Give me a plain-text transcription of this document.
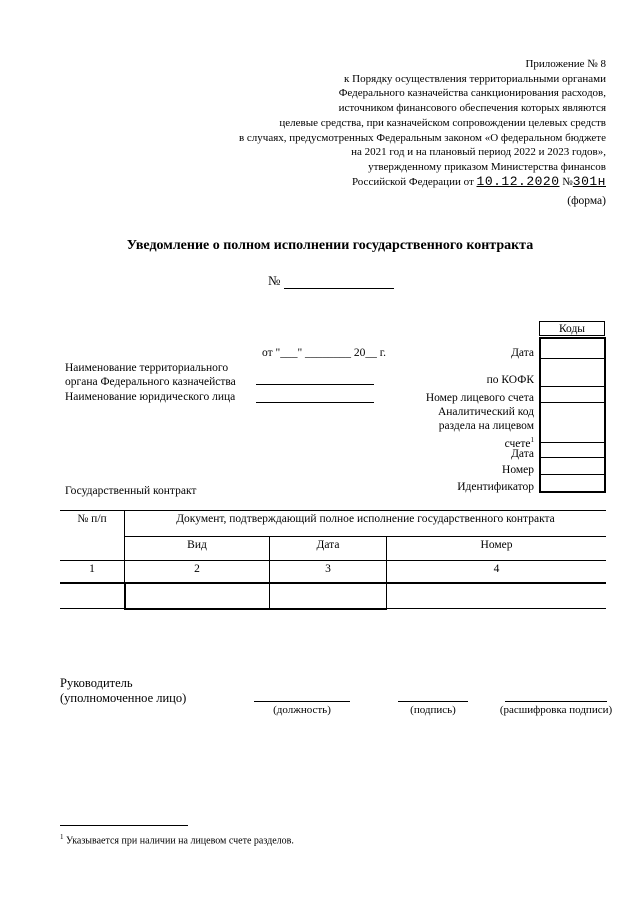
Приложение № 8
к Порядку осуществления территориальными органами
Федерального казначейства санкционирования расходов,
источником финансового обеспечения которых являются
целевые средства, при казначейском сопровождении целевых средств
в случаях, предусмотренных Федеральным законом «О федеральном бюджете
на 2021 год и на плановый период 2022 и 2023 годов»,
утвержденному приказом Министерства финансов
Российской Федерации от 10.12.2020 №301н
(форма)
Уведомление о полном исполнении государственного контракта
№
Коды
от "___" ________ 20__ г.	Дата
по КОФК
Номер лицевого счета
Аналитический код
раздела на лицевом
счете$^1$
Дата
Номер
Идентификатор
Наименование территориального
органа Федерального казначейства
Наименование юридического лица
Государственный контракт
№ п/п	Документ, подтверждающий полное исполнение государственного контракта		
	Вид	Дата	Номер
1	2	3	4

Руководитель
(уполномоченное лицо)
(должность)	(подпись)	(расшифровка подписи)
$^1$ Указывается при наличии на лицевом счете разделов.
